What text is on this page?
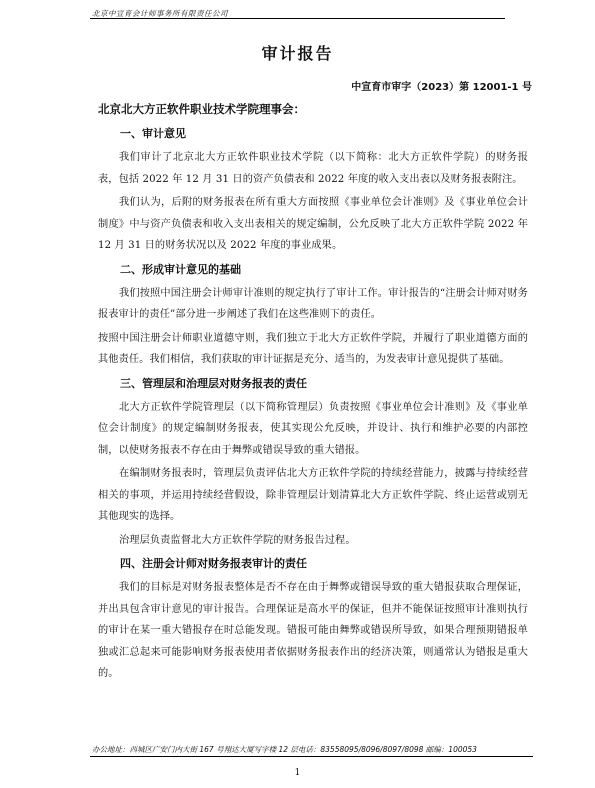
北京中宣育会计师事务所有限责任公司
审计报告
中宣育市审字（2023）第 12001-1 号
北京北大方正软件职业技术学院理事会：
一、审计意见

我们审计了北京北大方正软件职业技术学院（以下简称：北大方正软件学院）的财务报表，包括 2022 年 12 月 31 日的资产负债表和 2022 年度的收入支出表以及财务报表附注。

我们认为，后附的财务报表在所有重大方面按照《事业单位会计准则》及《事业单位会计制度》中与资产负债表和收入支出表相关的规定编制，公允反映了北大方正软件学院 2022 年 12 月 31 日的财务状况以及 2022 年度的事业成果。

二、形成审计意见的基础

我们按照中国注册会计师审计准则的规定执行了审计工作。审计报告的“注册会计师对财务报表审计的责任”部分进一步阐述了我们在这些准则下的责任。

按照中国注册会计师职业道德守则，我们独立于北大方正软件学院，并履行了职业道德方面的其他责任。我们相信，我们获取的审计证据是充分、适当的，为发表审计意见提供了基础。

三、管理层和治理层对财务报表的责任

北大方正软件学院管理层（以下简称管理层）负责按照《事业单位会计准则》及《事业单位会计制度》的规定编制财务报表，使其实现公允反映，并设计、执行和维护必要的内部控制，以使财务报表不存在由于舞弊或错误导致的重大错报。

在编制财务报表时，管理层负责评估北大方正软件学院的持续经营能力，披露与持续经营相关的事项，并运用持续经营假设，除非管理层计划清算北大方正软件学院、终止运营或别无其他现实的选择。

治理层负责监督北大方正软件学院的财务报告过程。

四、注册会计师对财务报表审计的责任

我们的目标是对财务报表整体是否不存在由于舞弊或错误导致的重大错报获取合理保证，并出具包含审计意见的审计报告。合理保证是高水平的保证，但并不能保证按照审计准则执行的审计在某一重大错报存在时总能发现。错报可能由舞弊或错误所导致，如果合理预期错报单独或汇总起来可能影响财务报表使用者依据财务报表作出的经济决策，则通常认为错报是重大的。

办公地址：西城区广安门内大街 167 号翔达大厦写字楼 12 层电话：83558095/8096/8097/8098 邮编：100053
1
